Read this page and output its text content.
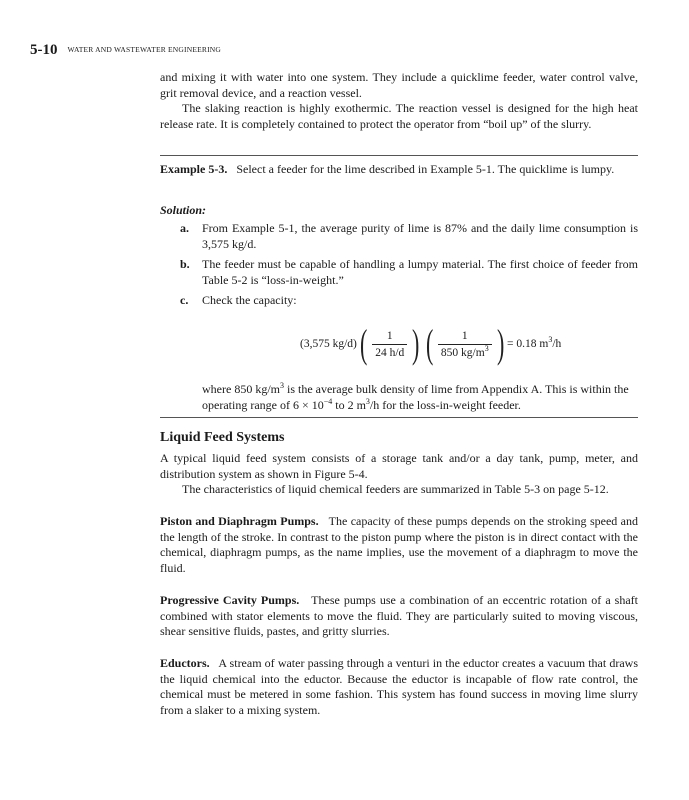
5-10 WATER AND WASTEWATER ENGINEERING

and mixing it with water into one system. They include a quicklime feeder, water control valve, grit removal device, and a reaction vessel.

The slaking reaction is highly exothermic. The reaction vessel is designed for the high heat release rate. It is completely contained to protect the operator from “boil up” of the slurry.

Example 5-3. Select a feeder for the lime described in Example 5-1. The quicklime is lumpy.
Solution:
a. From Example 5-1, the average purity of lime is 87% and the daily lime consumption is 3,575 kg/d.
b. The feeder must be capable of handling a lumpy material. The first choice of feeder from Table 5-2 is “loss-in-weight.”
c. Check the capacity:
(3,575 kg/d) ( $\frac{1}{24 h/d}$ ) ( $\frac{1}{850 kg/m^3}$ ) = 0.18 $m^3/h$
where 850 $kg/m^3$ is the average bulk density of lime from Appendix A. This is within the operating range of $6 \times 10^{-4}$ to 2 $m^3/h$ for the loss-in-weight feeder.
Liquid Feed Systems

A typical liquid feed system consists of a storage tank and/or a day tank, pump, meter, and distribution system as shown in Figure 5-4.

The characteristics of liquid chemical feeders are summarized in Table 5-3 on page 5-12.

Piston and Diaphragm Pumps. The capacity of these pumps depends on the stroking speed and the length of the stroke. In contrast to the piston pump where the piston is in direct contact with the chemical, diaphragm pumps, as the name implies, use the movement of a diaphragm to move the fluid.
Progressive Cavity Pumps. These pumps use a combination of an eccentric rotation of a shaft combined with stator elements to move the fluid. They are particularly suited to moving viscous, shear sensitive fluids, pastes, and gritty slurries.
Eductors. A stream of water passing through a venturi in the eductor creates a vacuum that draws the liquid chemical into the eductor. Because the eductor is incapable of flow rate control, the chemical must be metered in some fashion. This system has found success in moving lime slurry from a slaker to a mixing system.
